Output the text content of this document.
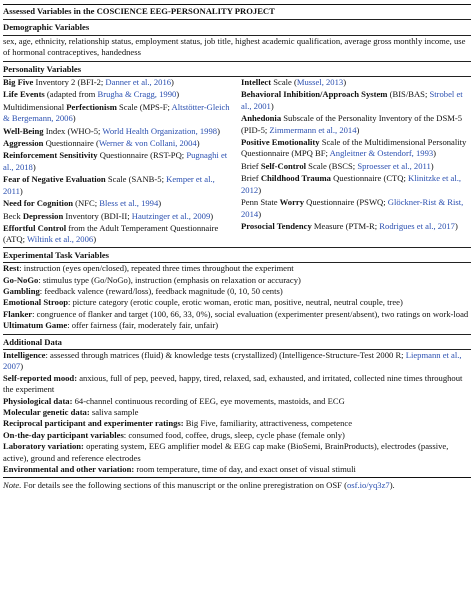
Assessed Variables in the COSCIENCE EEG-PERSONALITY PROJECT
Demographic Variables
sex, age, ethnicity, relationship status, employment status, job title, highest academic qualification, average gross monthly income, use of hormonal contraceptives, handedness
Personality Variables
Big Five Inventory 2 (BFI-2; Danner et al., 2016)
Life Events (adapted from Brugha & Cragg, 1990)
Multidimensional Perfectionism Scale (MPS-F; Altstötter-Gleich & Bergemann, 2006)
Well-Being Index (WHO-5; World Health Organization, 1998)
Aggression Questionnaire (Werner & von Collani, 2004)
Reinforcement Sensitivity Questionnaire (RST-PQ; Pugnaghi et al., 2018)
Fear of Negative Evaluation Scale (SANB-5; Kemper et al., 2011)
Need for Cognition (NFC; Bless et al., 1994)
Beck Depression Inventory (BDI-II; Hautzinger et al., 2009)
Effortful Control from the Adult Temperament Questionnaire (ATQ; Wiltink et al., 2006)
Intellect Scale (Mussel, 2013)
Behavioral Inhibition/Approach System (BIS/BAS; Strobel et al., 2001)
Anhedonia Subscale of the Personality Inventory of the DSM-5 (PID-5; Zimmermann et al., 2014)
Positive Emotionality Scale of the Multidimensional Personality Questionnaire (MPQ BF; Angleitner & Ostendorf, 1993)
Brief Self-Control Scale (BSCS; Sproesser et al., 2011)
Brief Childhood Trauma Questionnaire (CTQ; Klinitzke et al., 2012)
Penn State Worry Questionnaire (PSWQ; Glöckner-Rist & Rist, 2014)
Prosocial Tendency Measure (PTM-R; Rodrigues et al., 2017)
Experimental Task Variables
Rest: instruction (eyes open/closed), repeated three times throughout the experiment
Go-NoGo: stimulus type (Go/NoGo), instruction (emphasis on relaxation or accuracy)
Gambling: feedback valence (reward/loss), feedback magnitude (0, 10, 50 cents)
Emotional Stroop: picture category (erotic couple, erotic woman, erotic man, positive, neutral, neutral couple, tree)
Flanker: congruence of flanker and target (100, 66, 33, 0%), social evaluation (experimenter present/absent), two ratings on work-load
Ultimatum Game: offer fairness (fair, moderately fair, unfair)
Additional Data
Intelligence: assessed through matrices (fluid) & knowledge tests (crystallized) (Intelligence-Structure-Test 2000 R; Liepmann et al., 2007)
Self-reported mood: anxious, full of pep, peeved, happy, tired, relaxed, sad, exhausted, and irritated, collected nine times throughout the experiment
Physiological data: 64-channel continuous recording of EEG, eye movements, mastoids, and ECG
Molecular genetic data: saliva sample
Reciprocal participant and experimenter ratings: Big Five, familiarity, attractiveness, competence
On-the-day participant variables: consumed food, coffee, drugs, sleep, cycle phase (female only)
Laboratory variation: operating system, EEG amplifier model & EEG cap make (BioSemi, BrainProducts), electrodes (passive, active), ground and reference electrodes
Environmental and other variation: room temperature, time of day, and exact onset of visual stimuli
Note. For details see the following sections of this manuscript or the online preregistration on OSF (osf.io/yq3z7).
